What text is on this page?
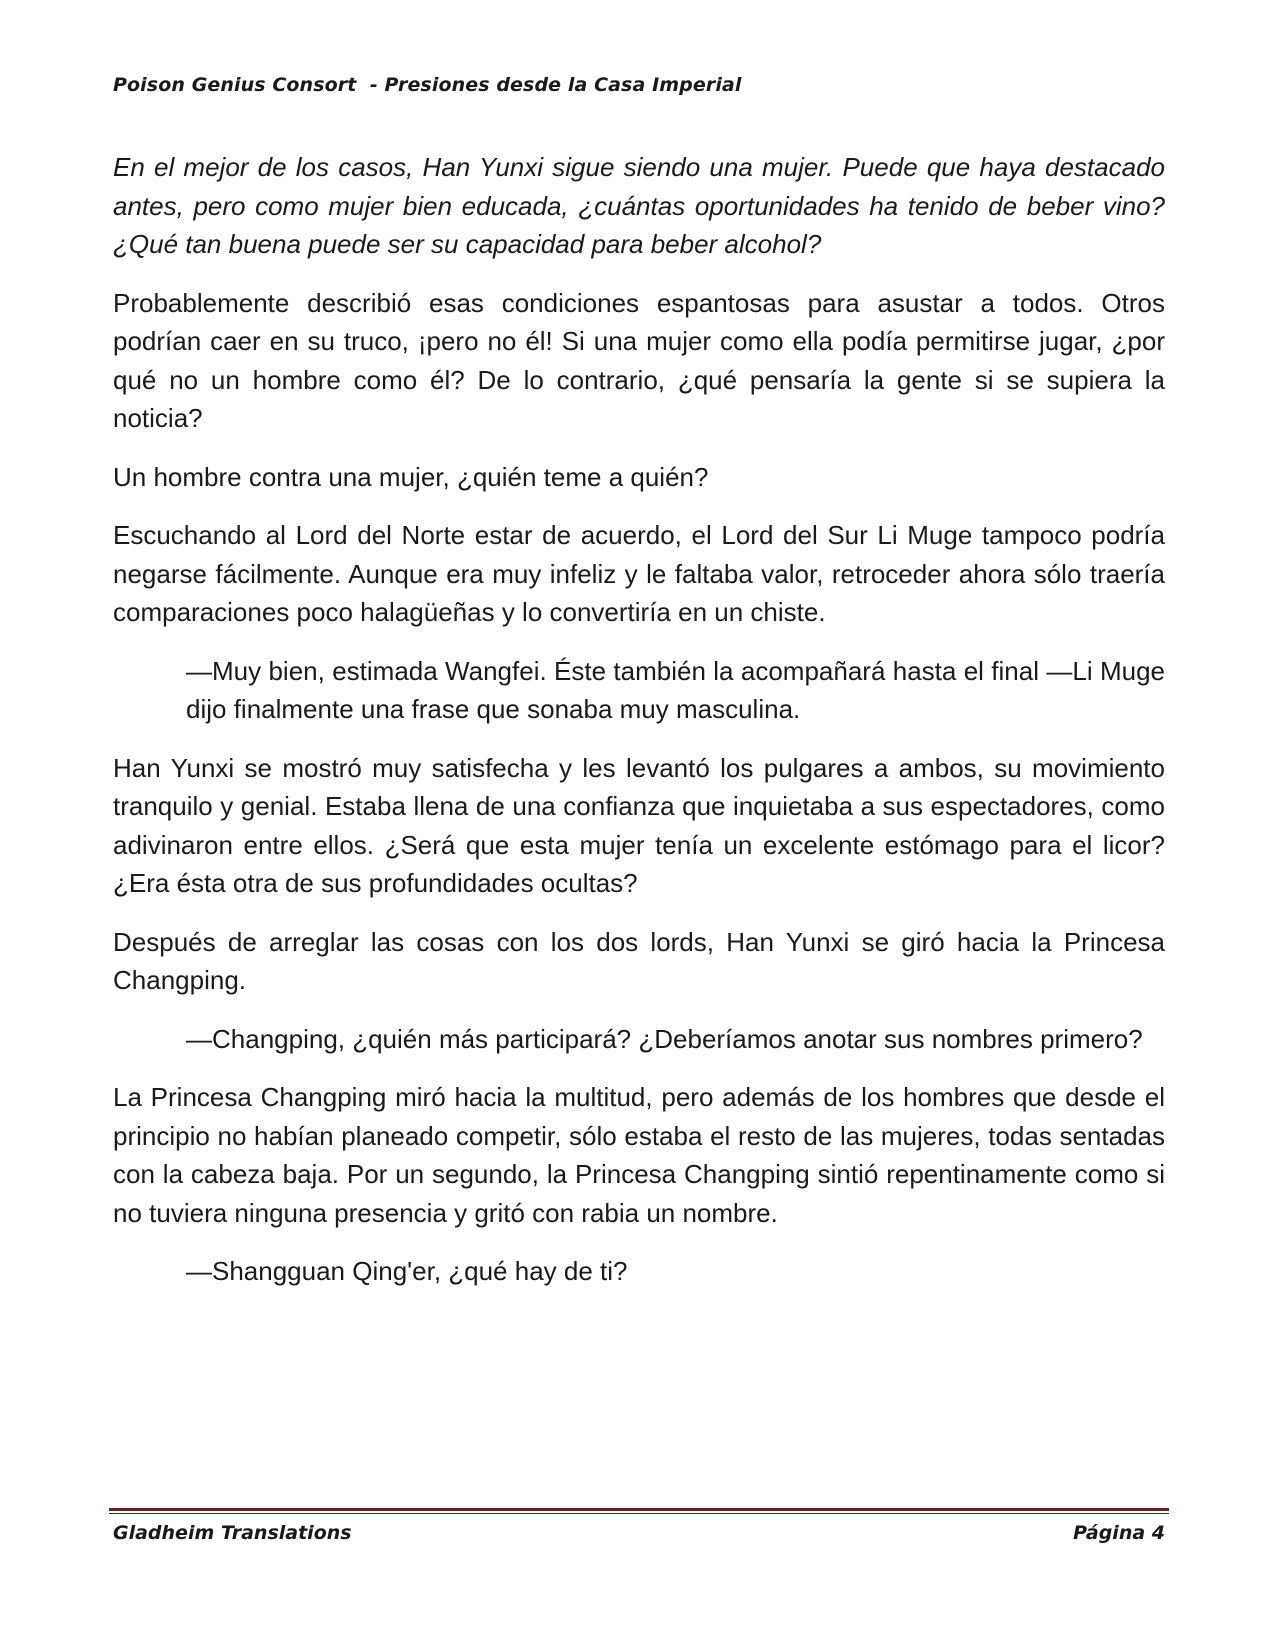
Poison Genius Consort  - Presiones desde la Casa Imperial

En el mejor de los casos, Han Yunxi sigue siendo una mujer. Puede que haya destacado antes, pero como mujer bien educada, ¿cuántas oportunidades ha tenido de beber vino? ¿Qué tan buena puede ser su capacidad para beber alcohol?

Probablemente describió esas condiciones espantosas para asustar a todos. Otros podrían caer en su truco, ¡pero no él! Si una mujer como ella podía permitirse jugar, ¿por qué no un hombre como él? De lo contrario, ¿qué pensaría la gente si se supiera la noticia?

Un hombre contra una mujer, ¿quién teme a quién?

Escuchando al Lord del Norte estar de acuerdo, el Lord del Sur Li Muge tampoco podría negarse fácilmente. Aunque era muy infeliz y le faltaba valor, retroceder ahora sólo traería comparaciones poco halagüeñas y lo convertiría en un chiste.

—Muy bien, estimada Wangfei. Éste también la acompañará hasta el final —Li Muge dijo finalmente una frase que sonaba muy masculina.

Han Yunxi se mostró muy satisfecha y les levantó los pulgares a ambos, su movimiento tranquilo y genial. Estaba llena de una confianza que inquietaba a sus espectadores, como adivinaron entre ellos. ¿Será que esta mujer tenía un excelente estómago para el licor? ¿Era ésta otra de sus profundidades ocultas?

Después de arreglar las cosas con los dos lords, Han Yunxi se giró hacia la Princesa Changping.

—Changping, ¿quién más participará? ¿Deberíamos anotar sus nombres primero?

La Princesa Changping miró hacia la multitud, pero además de los hombres que desde el principio no habían planeado competir, sólo estaba el resto de las mujeres, todas sentadas con la cabeza baja. Por un segundo, la Princesa Changping sintió repentinamente como si no tuviera ninguna presencia y gritó con rabia un nombre.

—Shangguan Qing'er, ¿qué hay de ti?

Gladheim Translations	Página 4
